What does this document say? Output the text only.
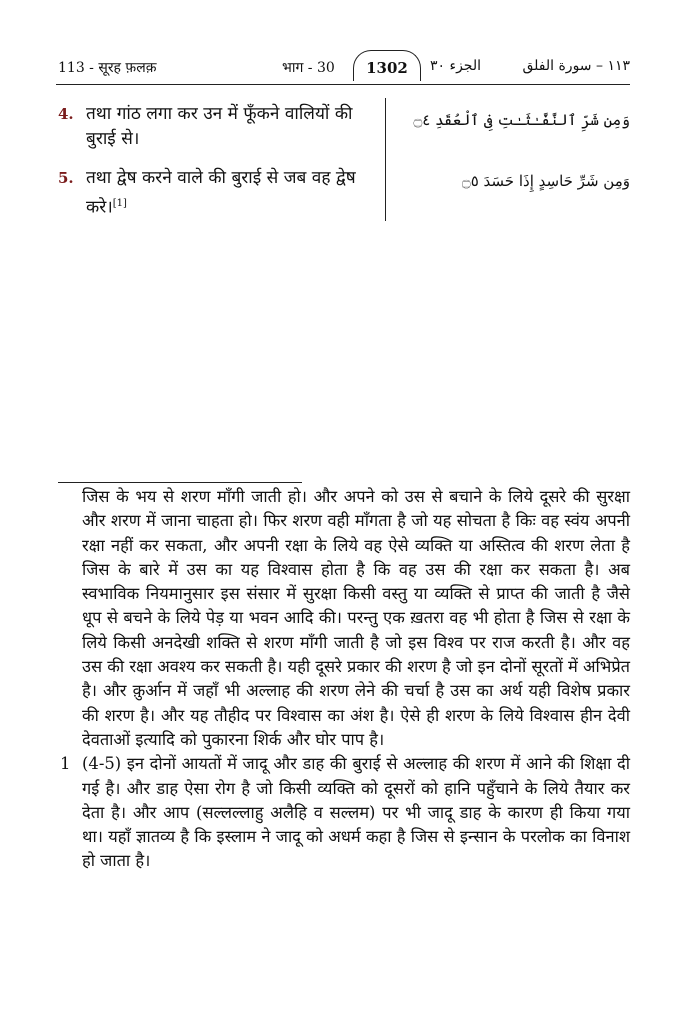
113 - सूरह फ़लक़	भाग - 30	1302	الجزء ٣٠	١١٣ – سورة الفلق
4. तथा गांठ लगा कर उन में फूँकने वालियों की बुराई से।
وَمِن شَرِّ ٱلنَّفَّـٰثَـٰتِ فِى ٱلْعُقَدِ ۝٤
5. तथा द्वेष करने वाले की बुराई से जब वह द्वेष करे।[1]
وَمِن شَرِّ حَاسِدٍ إِذَا حَسَدَ ۝٥

जिस के भय से शरण माँगी जाती हो। और अपने को उस से बचाने के लिये दूसरे की सुरक्षा और शरण में जाना चाहता हो। फिर शरण वही माँगता है जो यह सोचता है किः वह स्वंय अपनी रक्षा नहीं कर सकता, और अपनी रक्षा के लिये वह ऐसे व्यक्ति या अस्तित्व की शरण लेता है जिस के बारे में उस का यह विश्वास होता है कि वह उस की रक्षा कर सकता है। अब स्वभाविक नियमानुसार इस संसार में सुरक्षा किसी वस्तु या व्यक्ति से प्राप्त की जाती है जैसे धूप से बचने के लिये पेड़ या भवन आदि की। परन्तु एक ख़तरा वह भी होता है जिस से रक्षा के लिये किसी अनदेखी शक्ति से शरण माँगी जाती है जो इस विश्व पर राज करती है। और वह उस की रक्षा अवश्य कर सकती है। यही दूसरे प्रकार की शरण है जो इन दोनों सूरतों में अभिप्रेत है। और क़ुर्आन में जहाँ भी अल्लाह की शरण लेने की चर्चा है उस का अर्थ यही विशेष प्रकार की शरण है। और यह तौहीद पर विश्वास का अंश है। ऐसे ही शरण के लिये विश्वास हीन देवी देवताओं इत्यादि को पुकारना शिर्क और घोर पाप है।

1 (4-5) इन दोनों आयतों में जादू और डाह की बुराई से अल्लाह की शरण में आने की शिक्षा दी गई है। और डाह ऐसा रोग है जो किसी व्यक्ति को दूसरों को हानि पहुँचाने के लिये तैयार कर देता है। और आप (सल्लल्लाहु अलैहि व सल्लम) पर भी जादू डाह के कारण ही किया गया था। यहाँ ज्ञातव्य है कि इस्लाम ने जादू को अधर्म कहा है जिस से इन्सान के परलोक का विनाश हो जाता है।
